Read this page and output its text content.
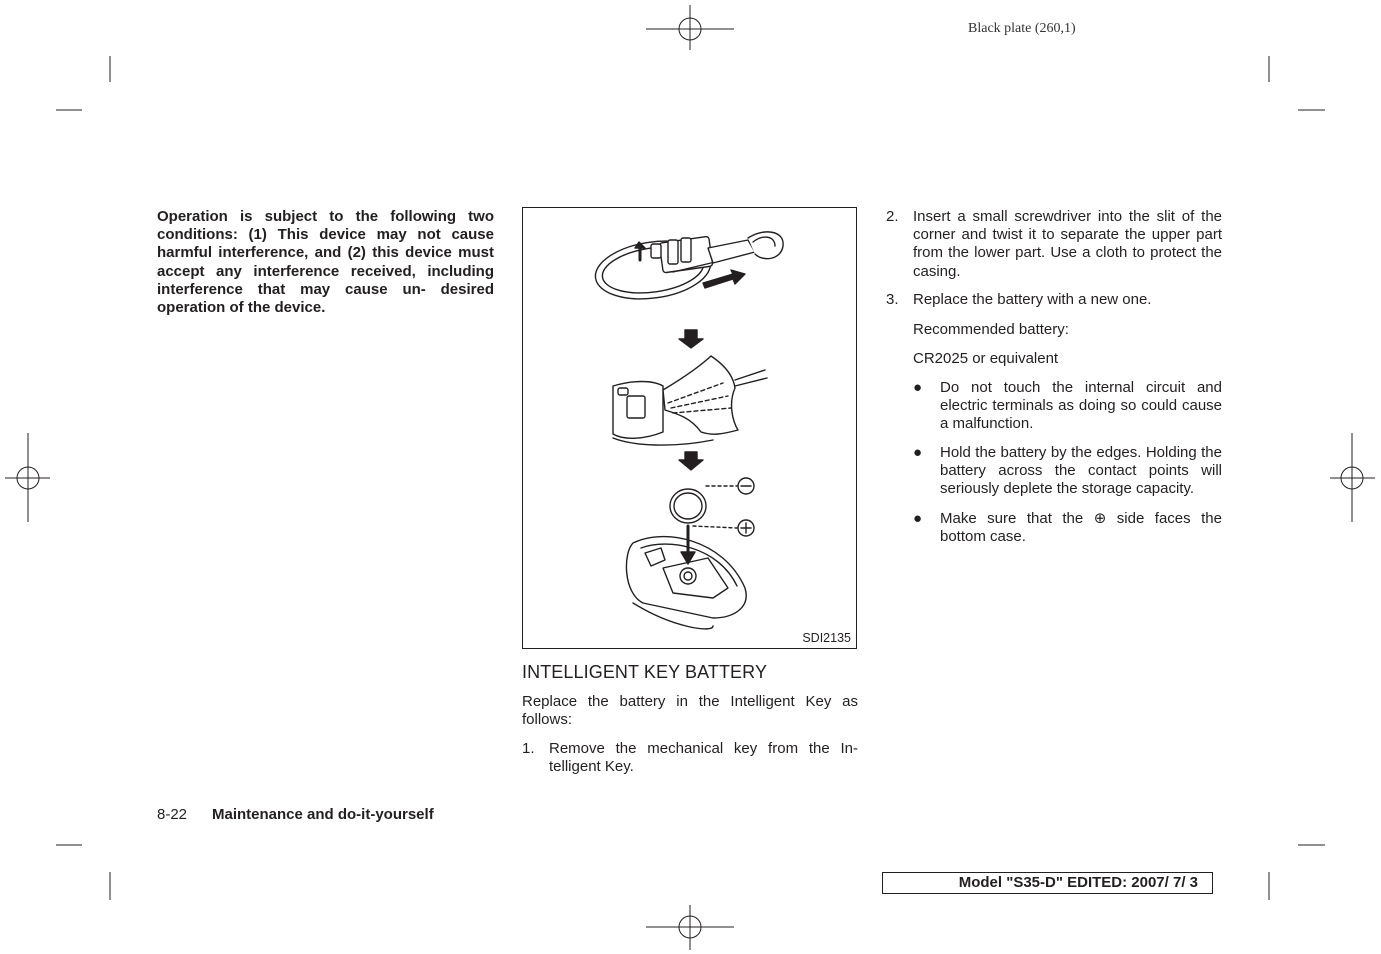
Black plate (260,1)
Operation is subject to the following two conditions: (1) This device may not cause harmful interference, and (2) this device must accept any interference received, including interference that may cause un- desired operation of the device.
SDI2135
INTELLIGENT KEY BATTERY
Replace the battery in the Intelligent Key as follows:
1. Remove the mechanical key from the In- telligent Key.
2. Insert a small screwdriver into the slit of the corner and twist it to separate the upper part from the lower part. Use a cloth to protect the casing.
3. Replace the battery with a new one.
Recommended battery:
CR2025 or equivalent
● Do not touch the internal circuit and electric terminals as doing so could cause a malfunction.
● Hold the battery by the edges. Holding the battery across the contact points will seriously deplete the storage capacity.
● Make sure that the ⊕ side faces the bottom case.
8-22 Maintenance and do-it-yourself
Model "S35-D" EDITED: 2007/ 7/ 3
